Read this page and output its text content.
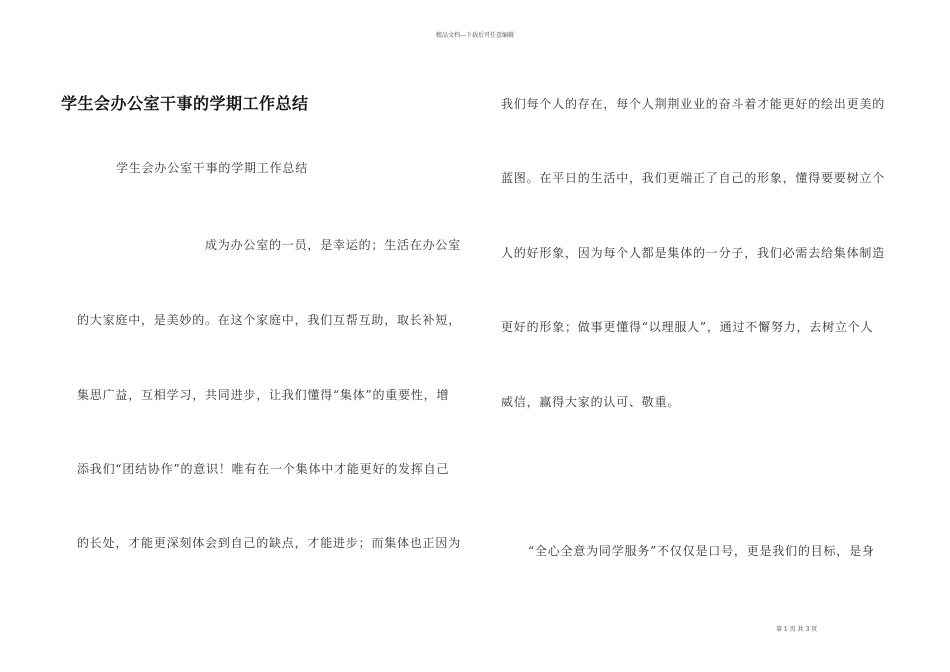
精品文档---下载后可任意编辑
学生会办公室干事的学期工作总结
学生会办公室干事的学期工作总结
成为办公室的一员，是幸运的；生活在办公室
的大家庭中，是美妙的。在这个家庭中，我们互帮互助，取长补短，
集思广益，互相学习，共同进步，让我们懂得“集体”的重要性，增
添我们“团结协作”的意识！唯有在一个集体中才能更好的发挥自己
的长处，才能更深刻体会到自己的缺点，才能进步；而集体也正因为
我们每个人的存在，每个人荆荆业业的奋斗着才能更好的绘出更美的
蓝图。在平日的生活中，我们更端正了自己的形象，懂得要要树立个
人的好形象，因为每个人都是集体的一分子，我们必需去给集体制造
更好的形象；做事更懂得“以理服人”，通过不懈努力，去树立个人
威信，赢得大家的认可、敬重。
“全心全意为同学服务”不仅仅是口号，更是我们的目标，是身
第 1 页 共 3 页
